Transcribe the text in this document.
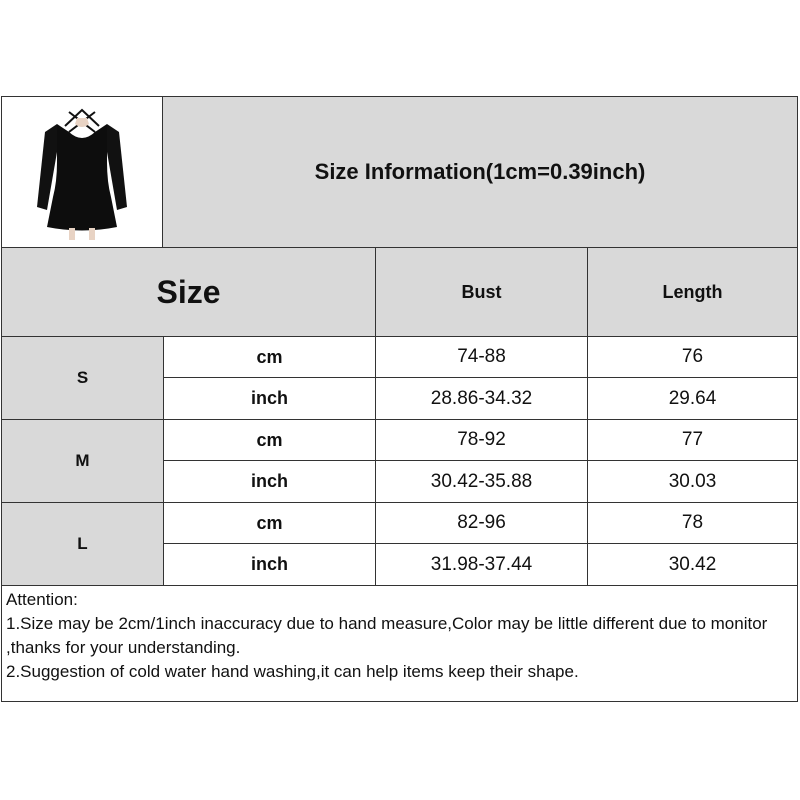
Size Information(1cm=0.39inch)
Size	Bust	Length
S
cm	74-88	76
inch	28.86-34.32	29.64
M
cm	78-92	77
inch	30.42-35.88	30.03
L
cm	82-96	78
inch	31.98-37.44	30.42

Attention:

1.Size may be 2cm/1inch inaccuracy due to hand measure,Color may be little different due to monitor ,thanks for your understanding.

2.Suggestion of cold water hand washing,it can help items keep their shape.
